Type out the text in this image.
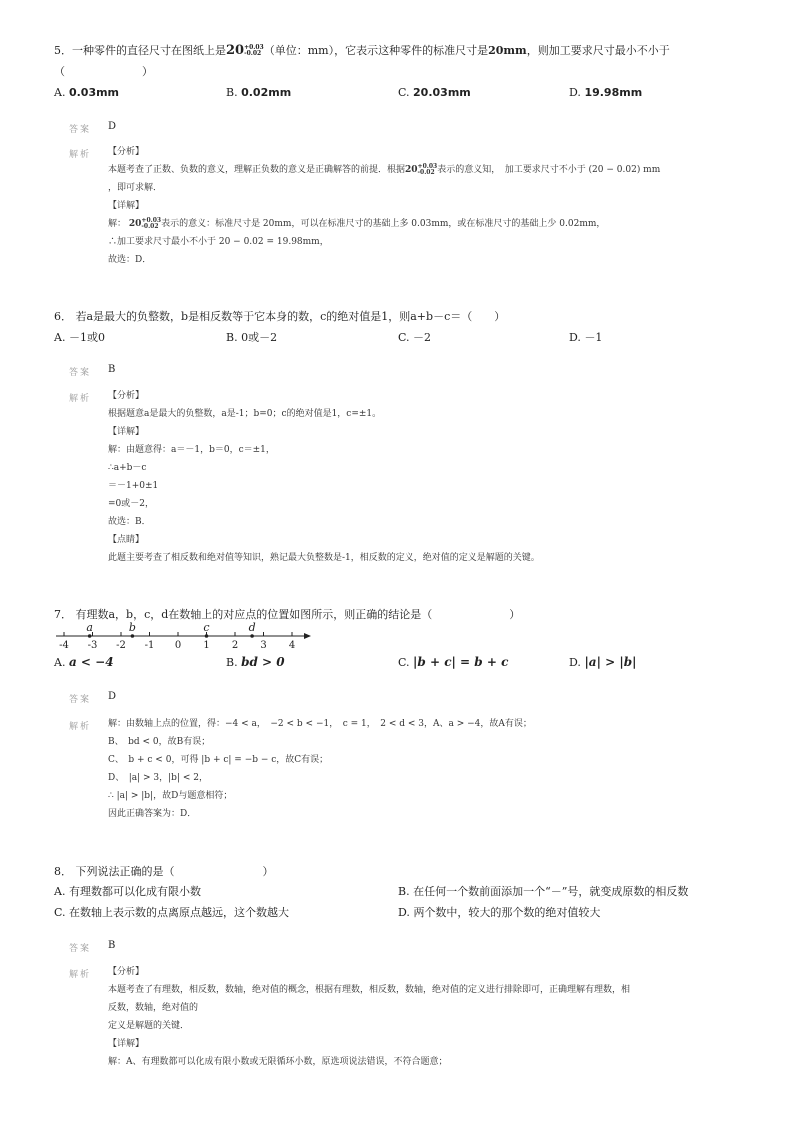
5．一种零件的直径尺寸在图纸上是20 +0.03
-0.02 （单位：mm），它表示这种零件的标准尺寸是20mm，则加工要求尺寸最小不小于
（　　　　　　　）
A. 0.03mm	B. 0.02mm	C. 20.03mm	D. 19.98mm
答案 D
解析 【分析】
本题考查了正数、负数的意义，理解正负数的意义是正确解答的前提．根据20 +0.03
-0.02 表示的意义知，　加工要求尺寸不小于 (20 − 0.02) mm
，即可求解．
【详解】
解： 20 +0.03
-0.02 表示的意义：标准尺寸是 20mm，可以在标准尺寸的基础上多 0.03mm，或在标准尺寸的基础上少 0.02mm，
∴加工要求尺寸最小不小于 20 − 0.02 = 19.98mm，
故选：D．
6． 若a是最大的负整数，b是相反数等于它本身的数，c的绝对值是1，则a+b－c＝（　　）
A. －1或0	B. 0或－2	C. －2	D. －1
答案 B
解析 【分析】
根据题意a是最大的负整数，a是-1；b=0；c的绝对值是1，c=±1。
【详解】
解：由题意得：a＝－1，b＝0，c＝±1，
∴a+b－c
＝－1+0±1
=0或－2，
故选：B．
【点睛】
此题主要考查了相反数和绝对值等知识，熟记最大负整数是-1，相反数的定义，绝对值的定义是解题的关键。
7． 有理数a，b，c，d在数轴上的对应点的位置如图所示，则正确的结论是（　　　　　　　）
-4 -3 -2 -1 0 1 2 3 4
a	b	c	d
A. a < −4	B. bd > 0	C. |b + c| = b + c	D. |a| > |b|
答案 D
解析 解：由数轴上点的位置，得：−4 < a，　−2 < b < −1，　c = 1，　2 < d < 3，A、a > −4，故A有误；
B、　bd < 0，故B有误；
C、　b + c < 0，可得 |b + c| = −b − c，故C有误；
D、　|a| > 3，|b| < 2，
∴ |a| > |b|，故D与题意相符；
因此正确答案为：D．
8． 下列说法正确的是（　　　　　　　　）
A. 有理数都可以化成有限小数	B. 在任何一个数前面添加一个“－”号，就变成原数的相反数
C. 在数轴上表示数的点离原点越远，这个数越大	D. 两个数中，较大的那个数的绝对值较大
答案 B
解析 【分析】
本题考查了有理数，相反数，数轴，绝对值的概念，根据有理数，相反数，数轴，绝对值的定义进行排除即可，正确理解有理数，相
反数，数轴，绝对值的
定义是解题的关键．
【详解】
解：A、有理数都可以化成有限小数或无限循环小数，原选项说法错误，不符合题意；
